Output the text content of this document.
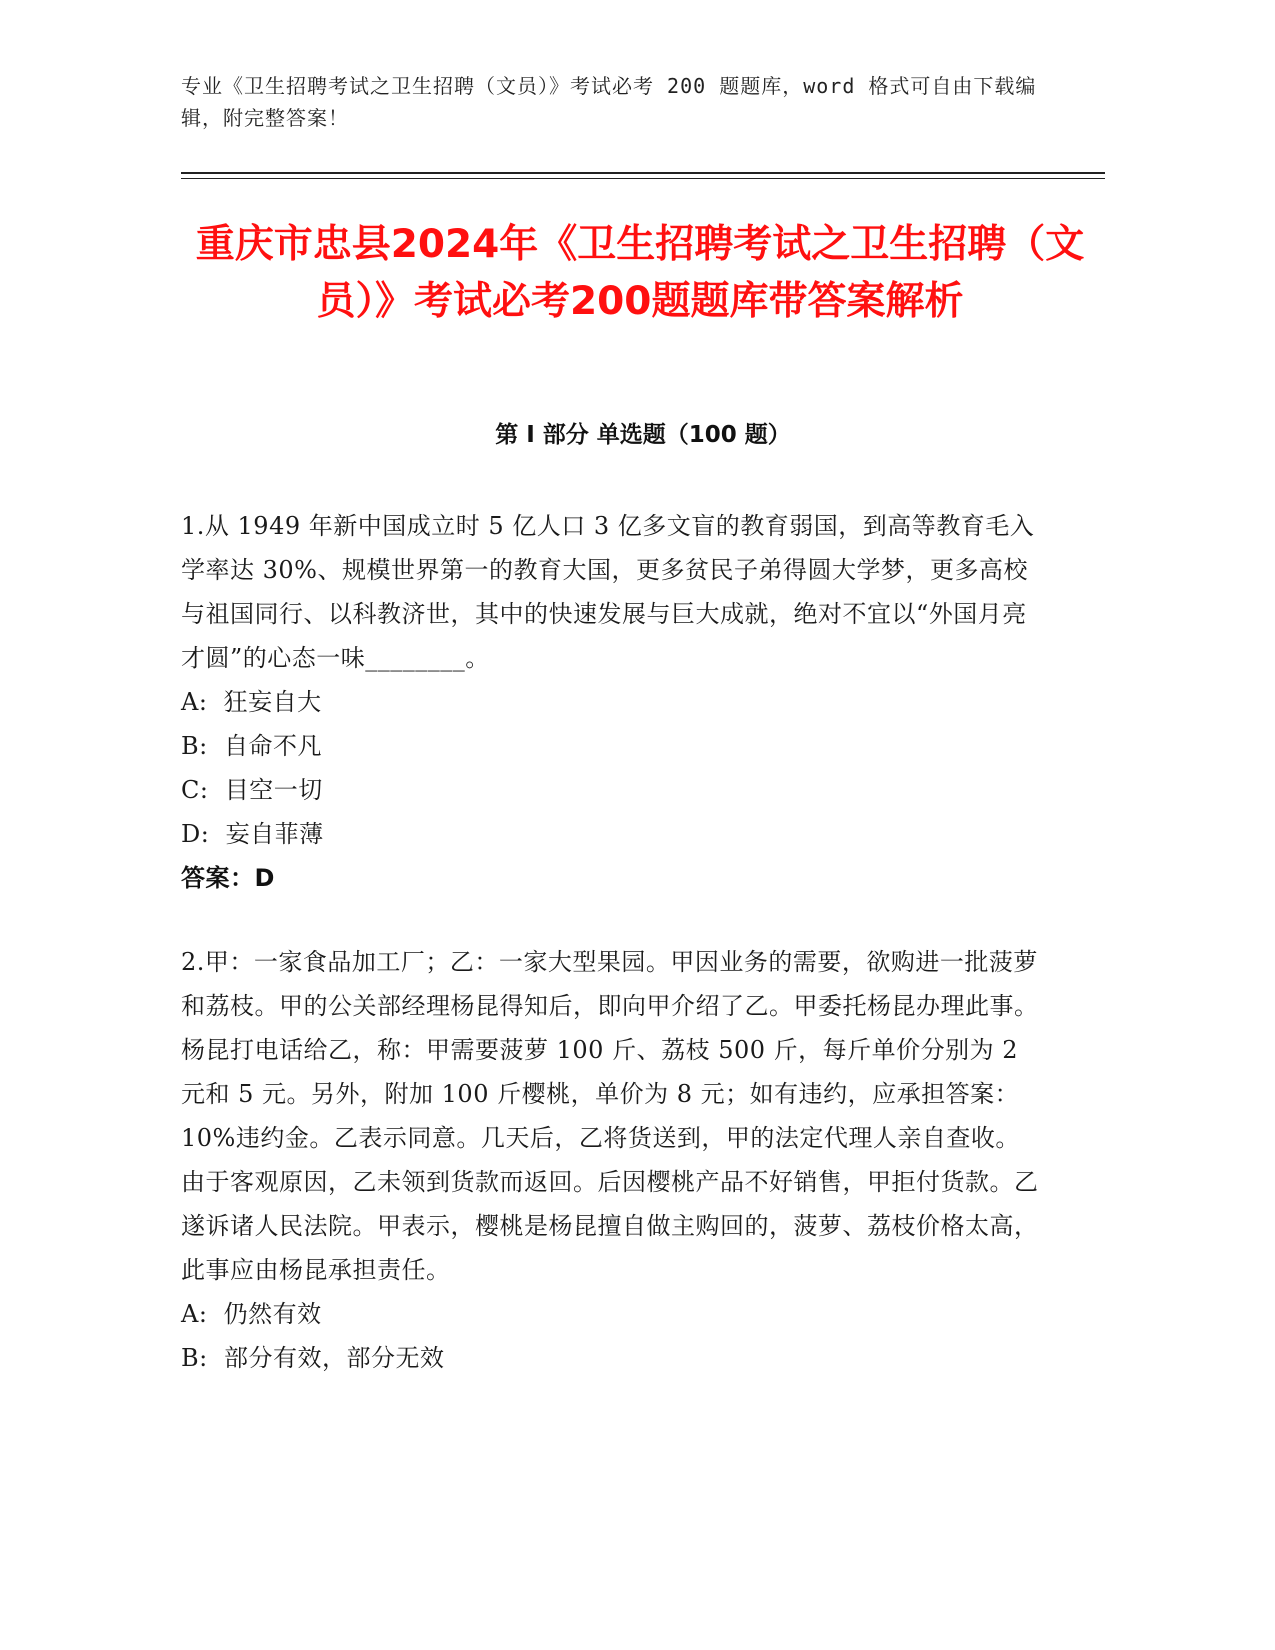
专业《卫生招聘考试之卫生招聘（文员）》考试必考 200 题题库，word 格式可自由下载编辑，附完整答案！
重庆市忠县2024年《卫生招聘考试之卫生招聘（文员）》考试必考200题题库带答案解析
第 I 部分 单选题（100 题）
1.从 1949 年新中国成立时 5 亿人口 3 亿多文盲的教育弱国，到高等教育毛入学率达 30%、规模世界第一的教育大国，更多贫民子弟得圆大学梦，更多高校与祖国同行、以科教济世，其中的快速发展与巨大成就，绝对不宜以“外国月亮才圆”的心态一味________。
A:  狂妄自大
B:  自命不凡
C:  目空一切
D:  妄自菲薄
答案：D
2.甲：一家食品加工厂；乙：一家大型果园。甲因业务的需要，欲购进一批菠萝和荔枝。甲的公关部经理杨昆得知后，即向甲介绍了乙。甲委托杨昆办理此事。杨昆打电话给乙，称：甲需要菠萝 100 斤、荔枝 500 斤，每斤单价分别为 2 元和 5 元。另外，附加 100 斤樱桃，单价为 8 元；如有违约，应承担答案：10%违约金。乙表示同意。几天后，乙将货送到，甲的法定代理人亲自查收。由于客观原因，乙未领到货款而返回。后因樱桃产品不好销售，甲拒付货款。乙遂诉诸人民法院。甲表示，樱桃是杨昆擅自做主购回的，菠萝、荔枝价格太高，此事应由杨昆承担责任。
A:  仍然有效
B:  部分有效，部分无效
